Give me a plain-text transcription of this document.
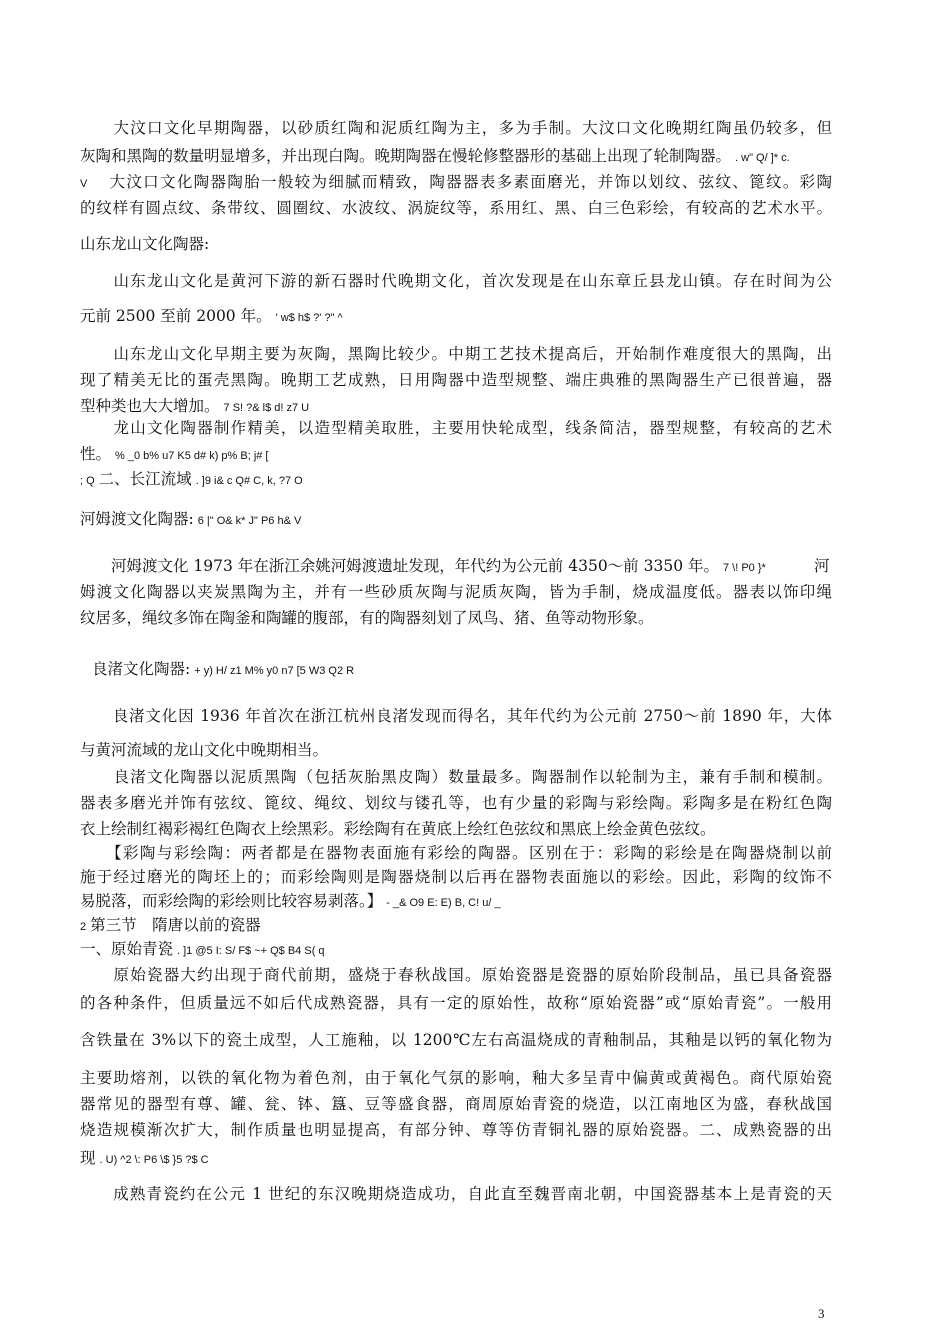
　　大汶口文化早期陶器，以砂质红陶和泥质红陶为主，多为手制。大汶口文化晚期红陶虽仍较多，但
灰陶和黑陶的数量明显增多，并出现白陶。晚期陶器在慢轮修整器形的基础上出现了轮制陶器。 . w" Q/ ]* c.
V　大汶口文化陶器陶胎一般较为细腻而精致，陶器器表多素面磨光，并饰以划纹、弦纹、篦纹。彩陶
的纹样有圆点纹、条带纹、圆圈纹、水波纹、涡旋纹等，系用红、黑、白三色彩绘，有较高的艺术水平。
山东龙山文化陶器:
　　山东龙山文化是黄河下游的新石器时代晚期文化，首次发现是在山东章丘县龙山镇。存在时间为公
元前 2500 至前 2000 年。 ' w$ h$ ?' ?" ^
　　山东龙山文化早期主要为灰陶，黑陶比较少。中期工艺技术提高后，开始制作难度很大的黑陶，出
现了精美无比的蛋壳黑陶。晚期工艺成熟，日用陶器中造型规整、端庄典雅的黑陶器生产已很普遍，器
型种类也大大增加。 7 S! ?& l$ d! z7 U
　　龙山文化陶器制作精美，以造型精美取胜，主要用快轮成型，线条简洁，器型规整，有较高的艺术
性。 % _0 b% u7 K5 d# k) p% B; j# [
; Q 二、长江流域 . ]9 i& c Q# C, k, ?7 O
河姆渡文化陶器: 6 |" O& k* J" P6 h& V
　　河姆渡文化 1973 年在浙江余姚河姆渡遗址发现，年代约为公元前 4350～前 3350 年。 7 \! P0 }*	河
姆渡文化陶器以夹炭黑陶为主，并有一些砂质灰陶与泥质灰陶，皆为手制，烧成温度低。器表以饰印绳
纹居多，绳纹多饰在陶釜和陶罐的腹部，有的陶器刻划了凤鸟、猪、鱼等动物形象。
良渚文化陶器: + y) H/ z1 M% y0 n7 [5 W3 Q2 R
　　良渚文化因 1936 年首次在浙江杭州良渚发现而得名，其年代约为公元前 2750～前 1890 年，大体
与黄河流域的龙山文化中晚期相当。
　　良渚文化陶器以泥质黑陶（包括灰胎黑皮陶）数量最多。陶器制作以轮制为主，兼有手制和模制。
器表多磨光并饰有弦纹、篦纹、绳纹、划纹与镂孔等，也有少量的彩陶与彩绘陶。彩陶多是在粉红色陶
衣上绘制红褐彩褐红色陶衣上绘黑彩。彩绘陶有在黄底上绘红色弦纹和黑底上绘金黄色弦纹。
　　【彩陶与彩绘陶：两者都是在器物表面施有彩绘的陶器。区别在于：彩陶的彩绘是在陶器烧制以前
施于经过磨光的陶坯上的；而彩绘陶则是陶器烧制以后再在器物表面施以的彩绘。因此，彩陶的纹饰不
易脱落，而彩绘陶的彩绘则比较容易剥落。】 - _& O9 E: E) B, C! u/ _
2 第三节　隋唐以前的瓷器
一、原始青瓷 . ]1 @5 I: S/ F$ ~+ Q$ B4 S( q
　　原始瓷器大约出现于商代前期，盛烧于春秋战国。原始瓷器是瓷器的原始阶段制品，虽已具备瓷器
的各种条件，但质量远不如后代成熟瓷器，具有一定的原始性，故称“原始瓷器”或“原始青瓷”。一般用
含铁量在 3%以下的瓷土成型，人工施釉，以 1200℃左右高温烧成的青釉制品，其釉是以钙的氧化物为
主要助熔剂，以铁的氧化物为着色剂，由于氧化气氛的影响，釉大多呈青中偏黄或黄褐色。商代原始瓷
器常见的器型有尊、罐、瓮、钵、簋、豆等盛食器，商周原始青瓷的烧造，以江南地区为盛，春秋战国
烧造规模渐次扩大，制作质量也明显提高，有部分钟、尊等仿青铜礼器的原始瓷器。二、成熟瓷器的出
现 . U) ^2 \: P6 \$ }5 ?$ C
　　成熟青瓷约在公元 1 世纪的东汉晚期烧造成功，自此直至魏晋南北朝，中国瓷器基本上是青瓷的天
3
